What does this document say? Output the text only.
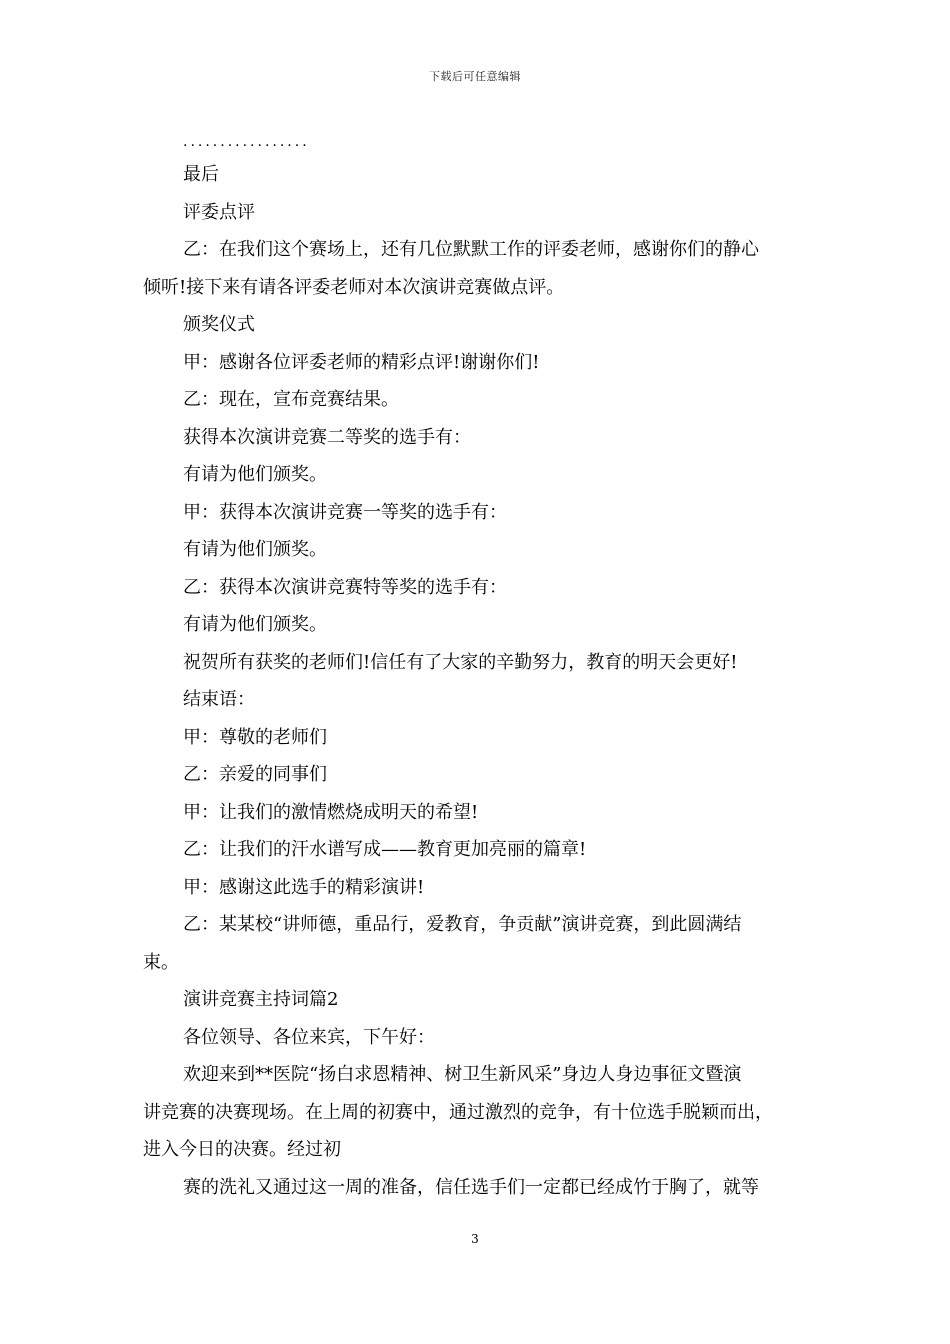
下载后可任意编辑
.................
最后
评委点评
乙：在我们这个赛场上，还有几位默默工作的评委老师，感谢你们的静心
倾听!接下来有请各评委老师对本次演讲竞赛做点评。
颁奖仪式
甲：感谢各位评委老师的精彩点评!谢谢你们!
乙：现在，宣布竞赛结果。
获得本次演讲竞赛二等奖的选手有：
有请为他们颁奖。
甲：获得本次演讲竞赛一等奖的选手有：
有请为他们颁奖。
乙：获得本次演讲竞赛特等奖的选手有：
有请为他们颁奖。
祝贺所有获奖的老师们!信任有了大家的辛勤努力，教育的明天会更好!
结束语：
甲：尊敬的老师们
乙：亲爱的同事们
甲：让我们的激情燃烧成明天的希望!
乙：让我们的汗水谱写成——教育更加亮丽的篇章!
甲：感谢这此选手的精彩演讲!
乙：某某校“讲师德，重品行，爱教育，争贡献”演讲竞赛，到此圆满结
束。
演讲竞赛主持词篇2
各位领导、各位来宾，下午好：
欢迎来到**医院“扬白求恩精神、树卫生新风采”身边人身边事征文暨演
讲竞赛的决赛现场。在上周的初赛中，通过激烈的竞争，有十位选手脱颖而出，
进入今日的决赛。经过初
赛的洗礼又通过这一周的准备，信任选手们一定都已经成竹于胸了，就等
3
